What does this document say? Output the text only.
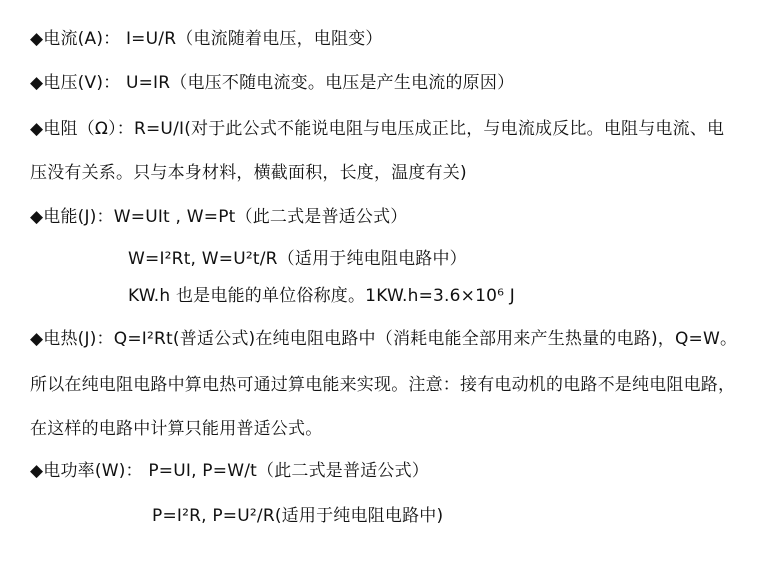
◆电流(A)： I=U/R（电流随着电压，电阻变）
◆电压(V)： U=IR（电压不随电流变。电压是产生电流的原因）
◆电阻（Ω）：R=U/I(对于此公式不能说电阻与电压成正比，与电流成反比。电阻与电流、电
压没有关系。只与本身材料，横截面积，长度，温度有关)
◆电能(J)：W=UIt , W=Pt（此二式是普适公式）
W=I²Rt, W=U²t/R（适用于纯电阻电路中）
KW.h 也是电能的单位俗称度。1KW.h=3.6×10⁶ J
◆电热(J)：Q=I²Rt(普适公式)在纯电阻电路中（消耗电能全部用来产生热量的电路)，Q=W。
所以在纯电阻电路中算电热可通过算电能来实现。注意：接有电动机的电路不是纯电阻电路，
在这样的电路中计算只能用普适公式。
◆电功率(W)： P=UI, P=W/t（此二式是普适公式）
P=I²R, P=U²/R(适用于纯电阻电路中)
